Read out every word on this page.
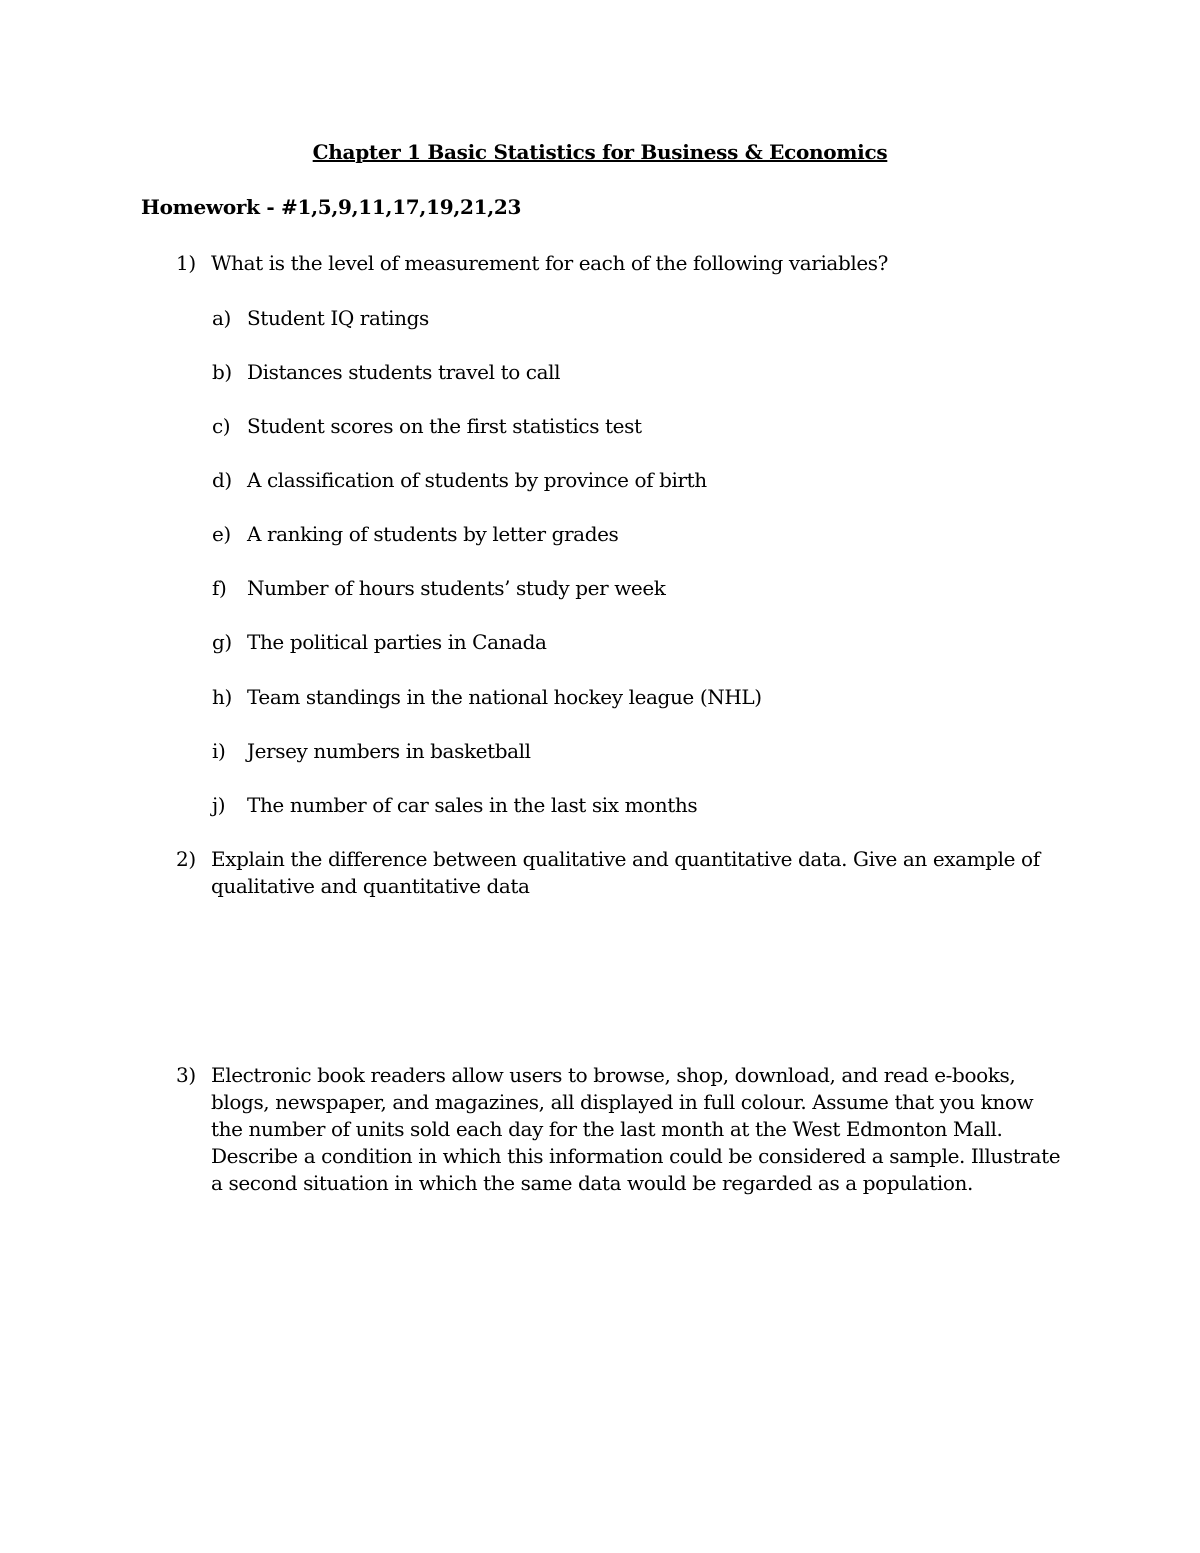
Chapter 1 Basic Statistics for Business & Economics
Homework - #1,5,9,11,17,19,21,23
1) What is the level of measurement for each of the following variables?
a) Student IQ ratings
b) Distances students travel to call
c) Student scores on the first statistics test
d) A classification of students by province of birth
e) A ranking of students by letter grades
f) Number of hours students’ study per week
g) The political parties in Canada
h) Team standings in the national hockey league (NHL)
i) Jersey numbers in basketball
j) The number of car sales in the last six months
2) Explain the difference between qualitative and quantitative data. Give an example of qualitative and quantitative data
3) Electronic book readers allow users to browse, shop, download, and read e-books, blogs, newspaper, and magazines, all displayed in full colour. Assume that you know the number of units sold each day for the last month at the West Edmonton Mall. Describe a condition in which this information could be considered a sample. Illustrate a second situation in which the same data would be regarded as a population.
